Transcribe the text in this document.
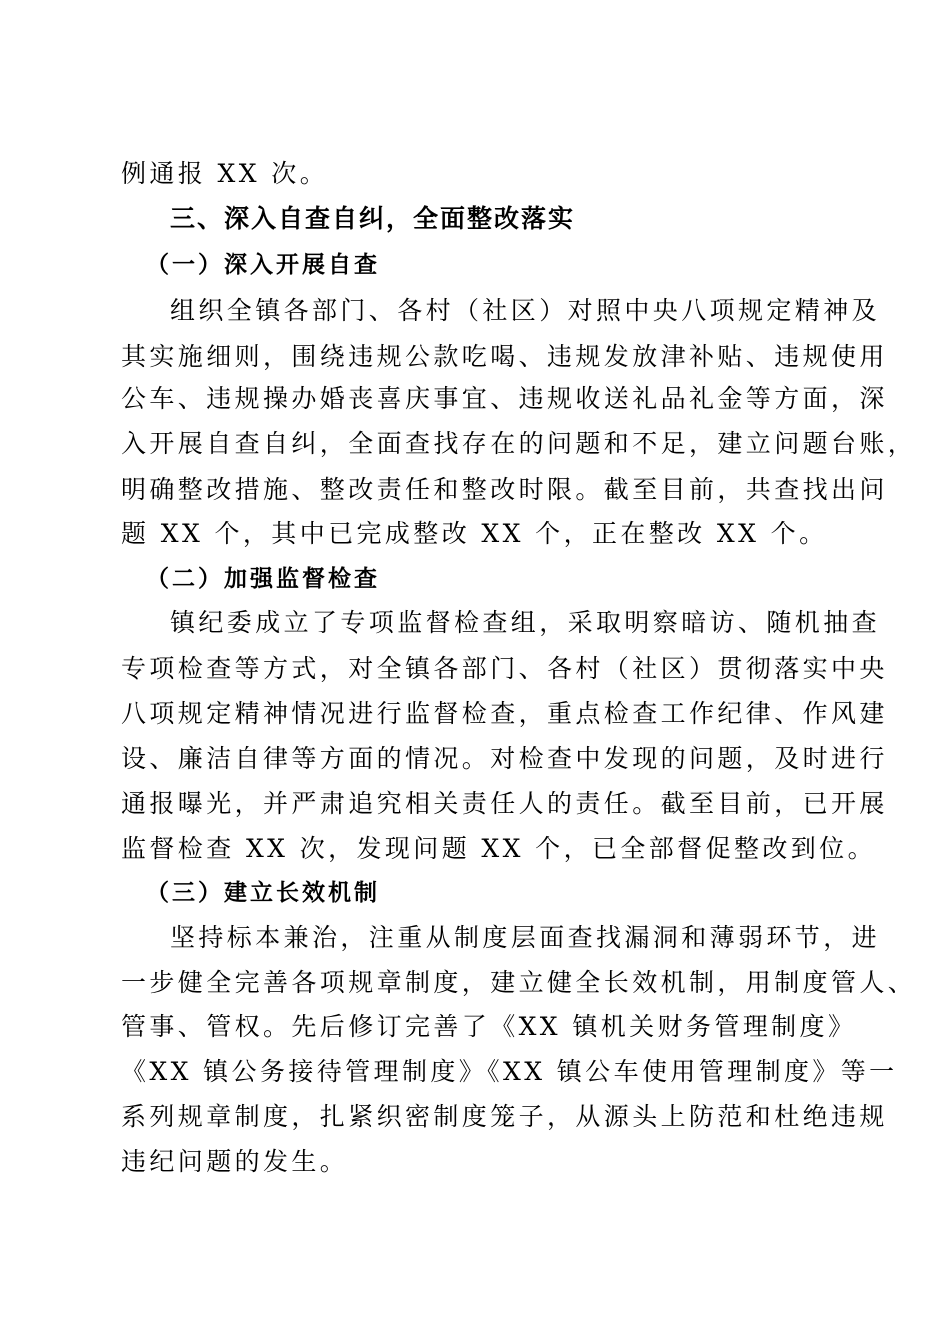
例通报 XX 次。
三、深入自查自纠，全面整改落实
（一）深入开展自查
组织全镇各部门、各村（社区）对照中央八项规定精神及
其实施细则，围绕违规公款吃喝、违规发放津补贴、违规使用
公车、违规操办婚丧喜庆事宜、违规收送礼品礼金等方面，深
入开展自查自纠，全面查找存在的问题和不足，建立问题台账，
明确整改措施、整改责任和整改时限。截至目前，共查找出问
题 XX 个，其中已完成整改 XX 个，正在整改 XX 个。
（二）加强监督检查
镇纪委成立了专项监督检查组，采取明察暗访、随机抽查
专项检查等方式，对全镇各部门、各村（社区）贯彻落实中央
八项规定精神情况进行监督检查，重点检查工作纪律、作风建
设、廉洁自律等方面的情况。对检查中发现的问题，及时进行
通报曝光，并严肃追究相关责任人的责任。截至目前，已开展
监督检查 XX 次，发现问题 XX 个，已全部督促整改到位。
（三）建立长效机制
坚持标本兼治，注重从制度层面查找漏洞和薄弱环节，进
一步健全完善各项规章制度，建立健全长效机制，用制度管人、
管事、管权。先后修订完善了《XX 镇机关财务管理制度》
《XX 镇公务接待管理制度》《XX 镇公车使用管理制度》等一
系列规章制度，扎紧织密制度笼子，从源头上防范和杜绝违规
违纪问题的发生。
